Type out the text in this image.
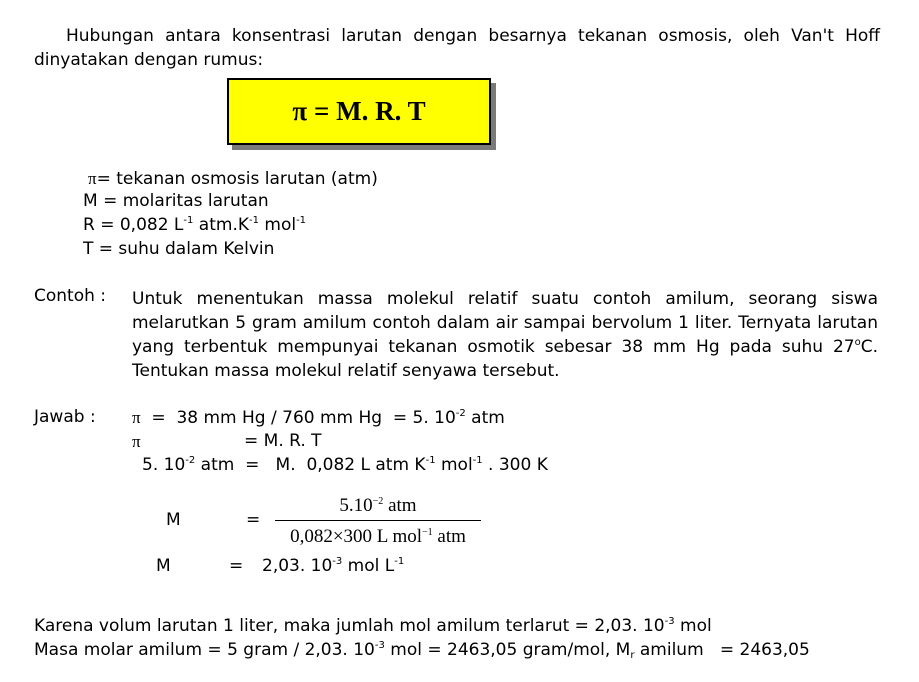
Hubungan antara konsentrasi larutan dengan besarnya tekanan osmosis, oleh Van't Hoff dinyatakan dengan rumus:
π = M. R. T
π= tekanan osmosis larutan (atm)
M = molaritas larutan
R = 0,082 $L^{-1}$ $atm.K^{-1}$ mol$^{-1}$
T = suhu dalam Kelvin
Contoh : Untuk menentukan massa molekul relatif suatu contoh amilum, seorang siswa melarutkan 5 gram amilum contoh dalam air sampai bervolum 1 liter. Ternyata larutan yang terbentuk mempunyai tekanan osmotik sebesar 38 mm Hg pada suhu 27$^o$C. Tentukan massa molekul relatif senyawa tersebut.
Jawab : π  =  38 mm Hg / 760 mm Hg  = 5. $10^{-2}$ atm
π	= M. R. T
5. $10^{-2}$ atm  =   M.  0,082 L atm $K^{-1}$ mol$^{-1}$ . 300 K
M	=
$5.10^{-2}$ atm
0,082×300 L mol$^{-1}$ atm
M	= 2,03. $10^{-3}$ mol $L^{-1}$
Karena volum larutan 1 liter, maka jumlah mol amilum terlarut = 2,03. $10^{-3}$ mol
Masa molar amilum = 5 gram / 2,03. $10^{-3}$ mol = 2463,05 gram/mol, $M_r$ amilum   = 2463,05
